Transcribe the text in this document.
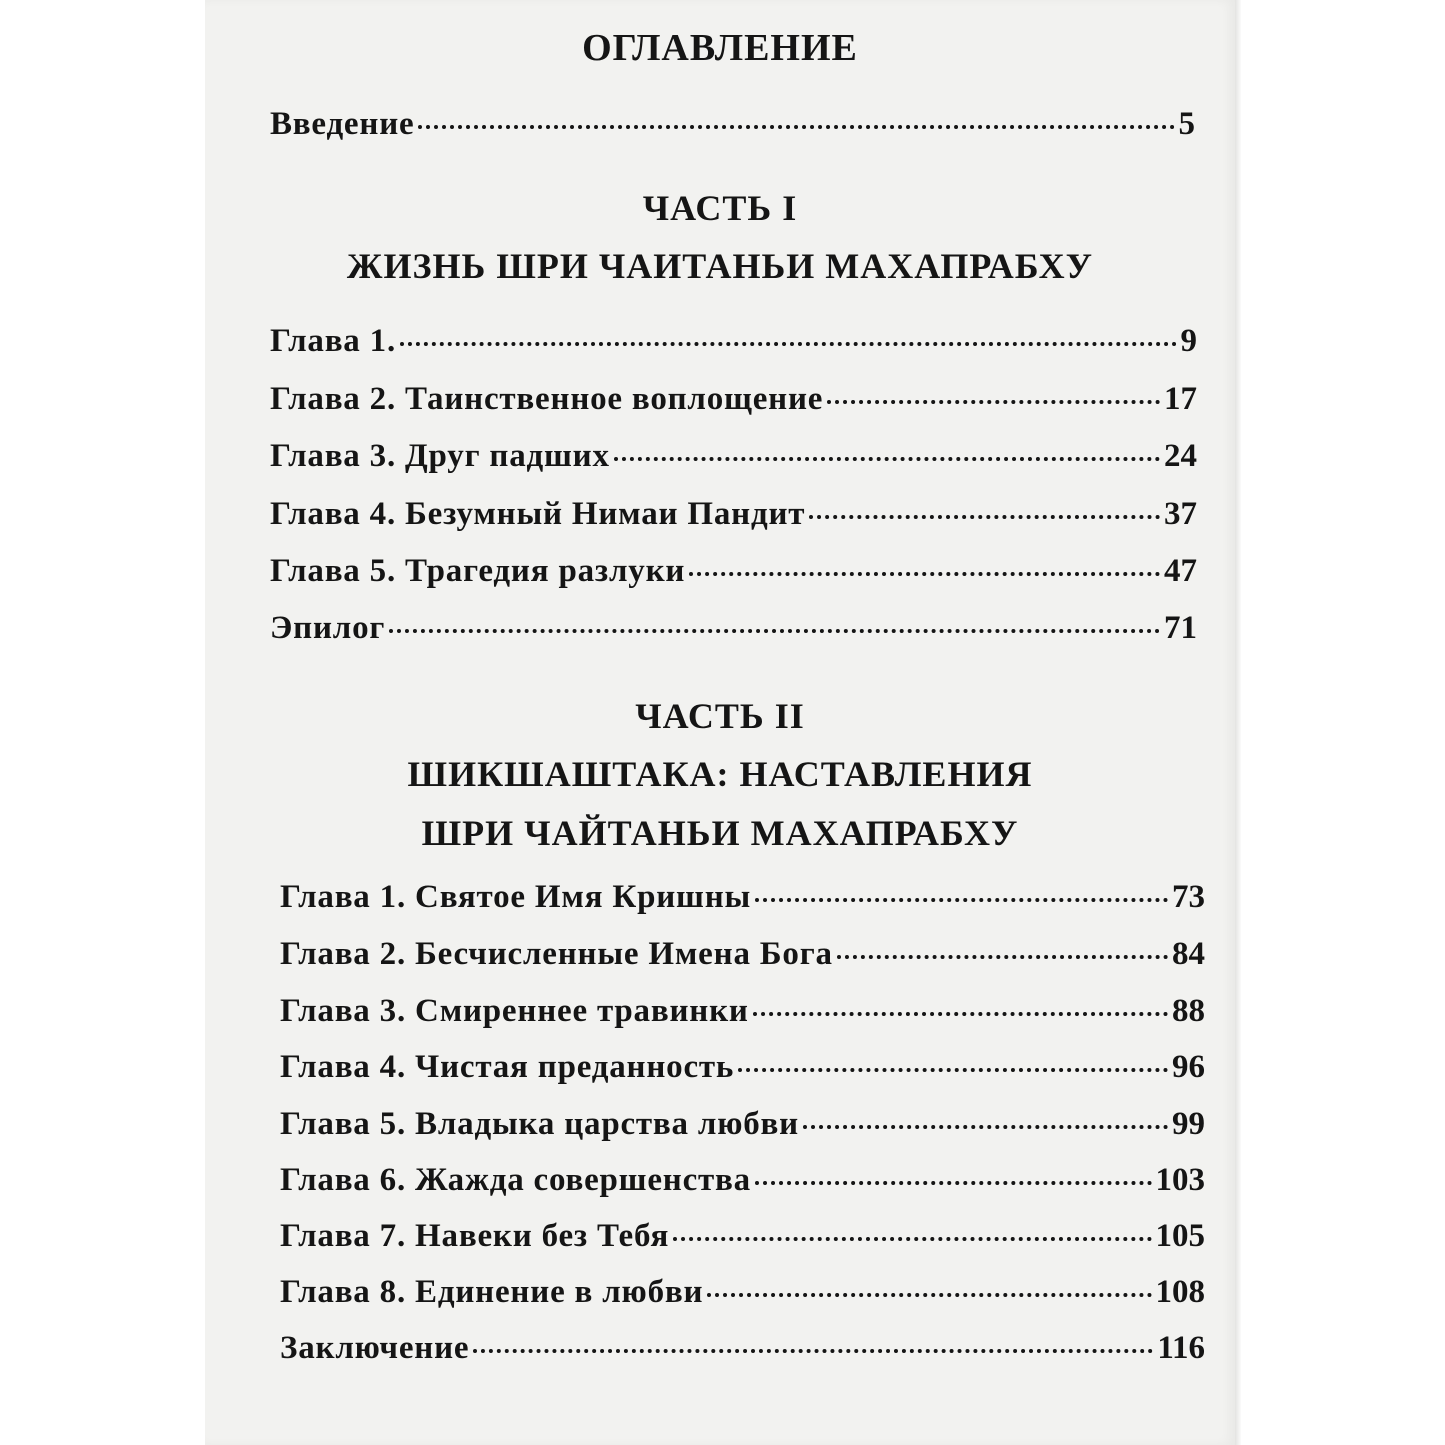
ОГЛАВЛЕНИЕ
Введение	5
ЧАСТЬ I
ЖИЗНЬ ШРИ ЧАИТАНЬИ МАХАПРАБХУ
Глава 1.	9
Глава 2. Таинственное воплощение	17
Глава 3. Друг падших	24
Глава 4. Безумный Нимаи Пандит	37
Глава 5. Трагедия разлуки	47
Эпилог	71
ЧАСТЬ II
ШИКШАШТАКА: НАСТАВЛЕНИЯ
ШРИ ЧАЙТАНЬИ МАХАПРАБХУ
Глава 1. Святое Имя Кришны	73
Глава 2. Бесчисленные Имена Бога	84
Глава 3. Смиреннее травинки	88
Глава 4. Чистая преданность	96
Глава 5. Владыка царства любви	99
Глава 6. Жажда совершенства	103
Глава 7. Навеки без Тебя	105
Глава 8. Единение в любви	108
Заключение	116
